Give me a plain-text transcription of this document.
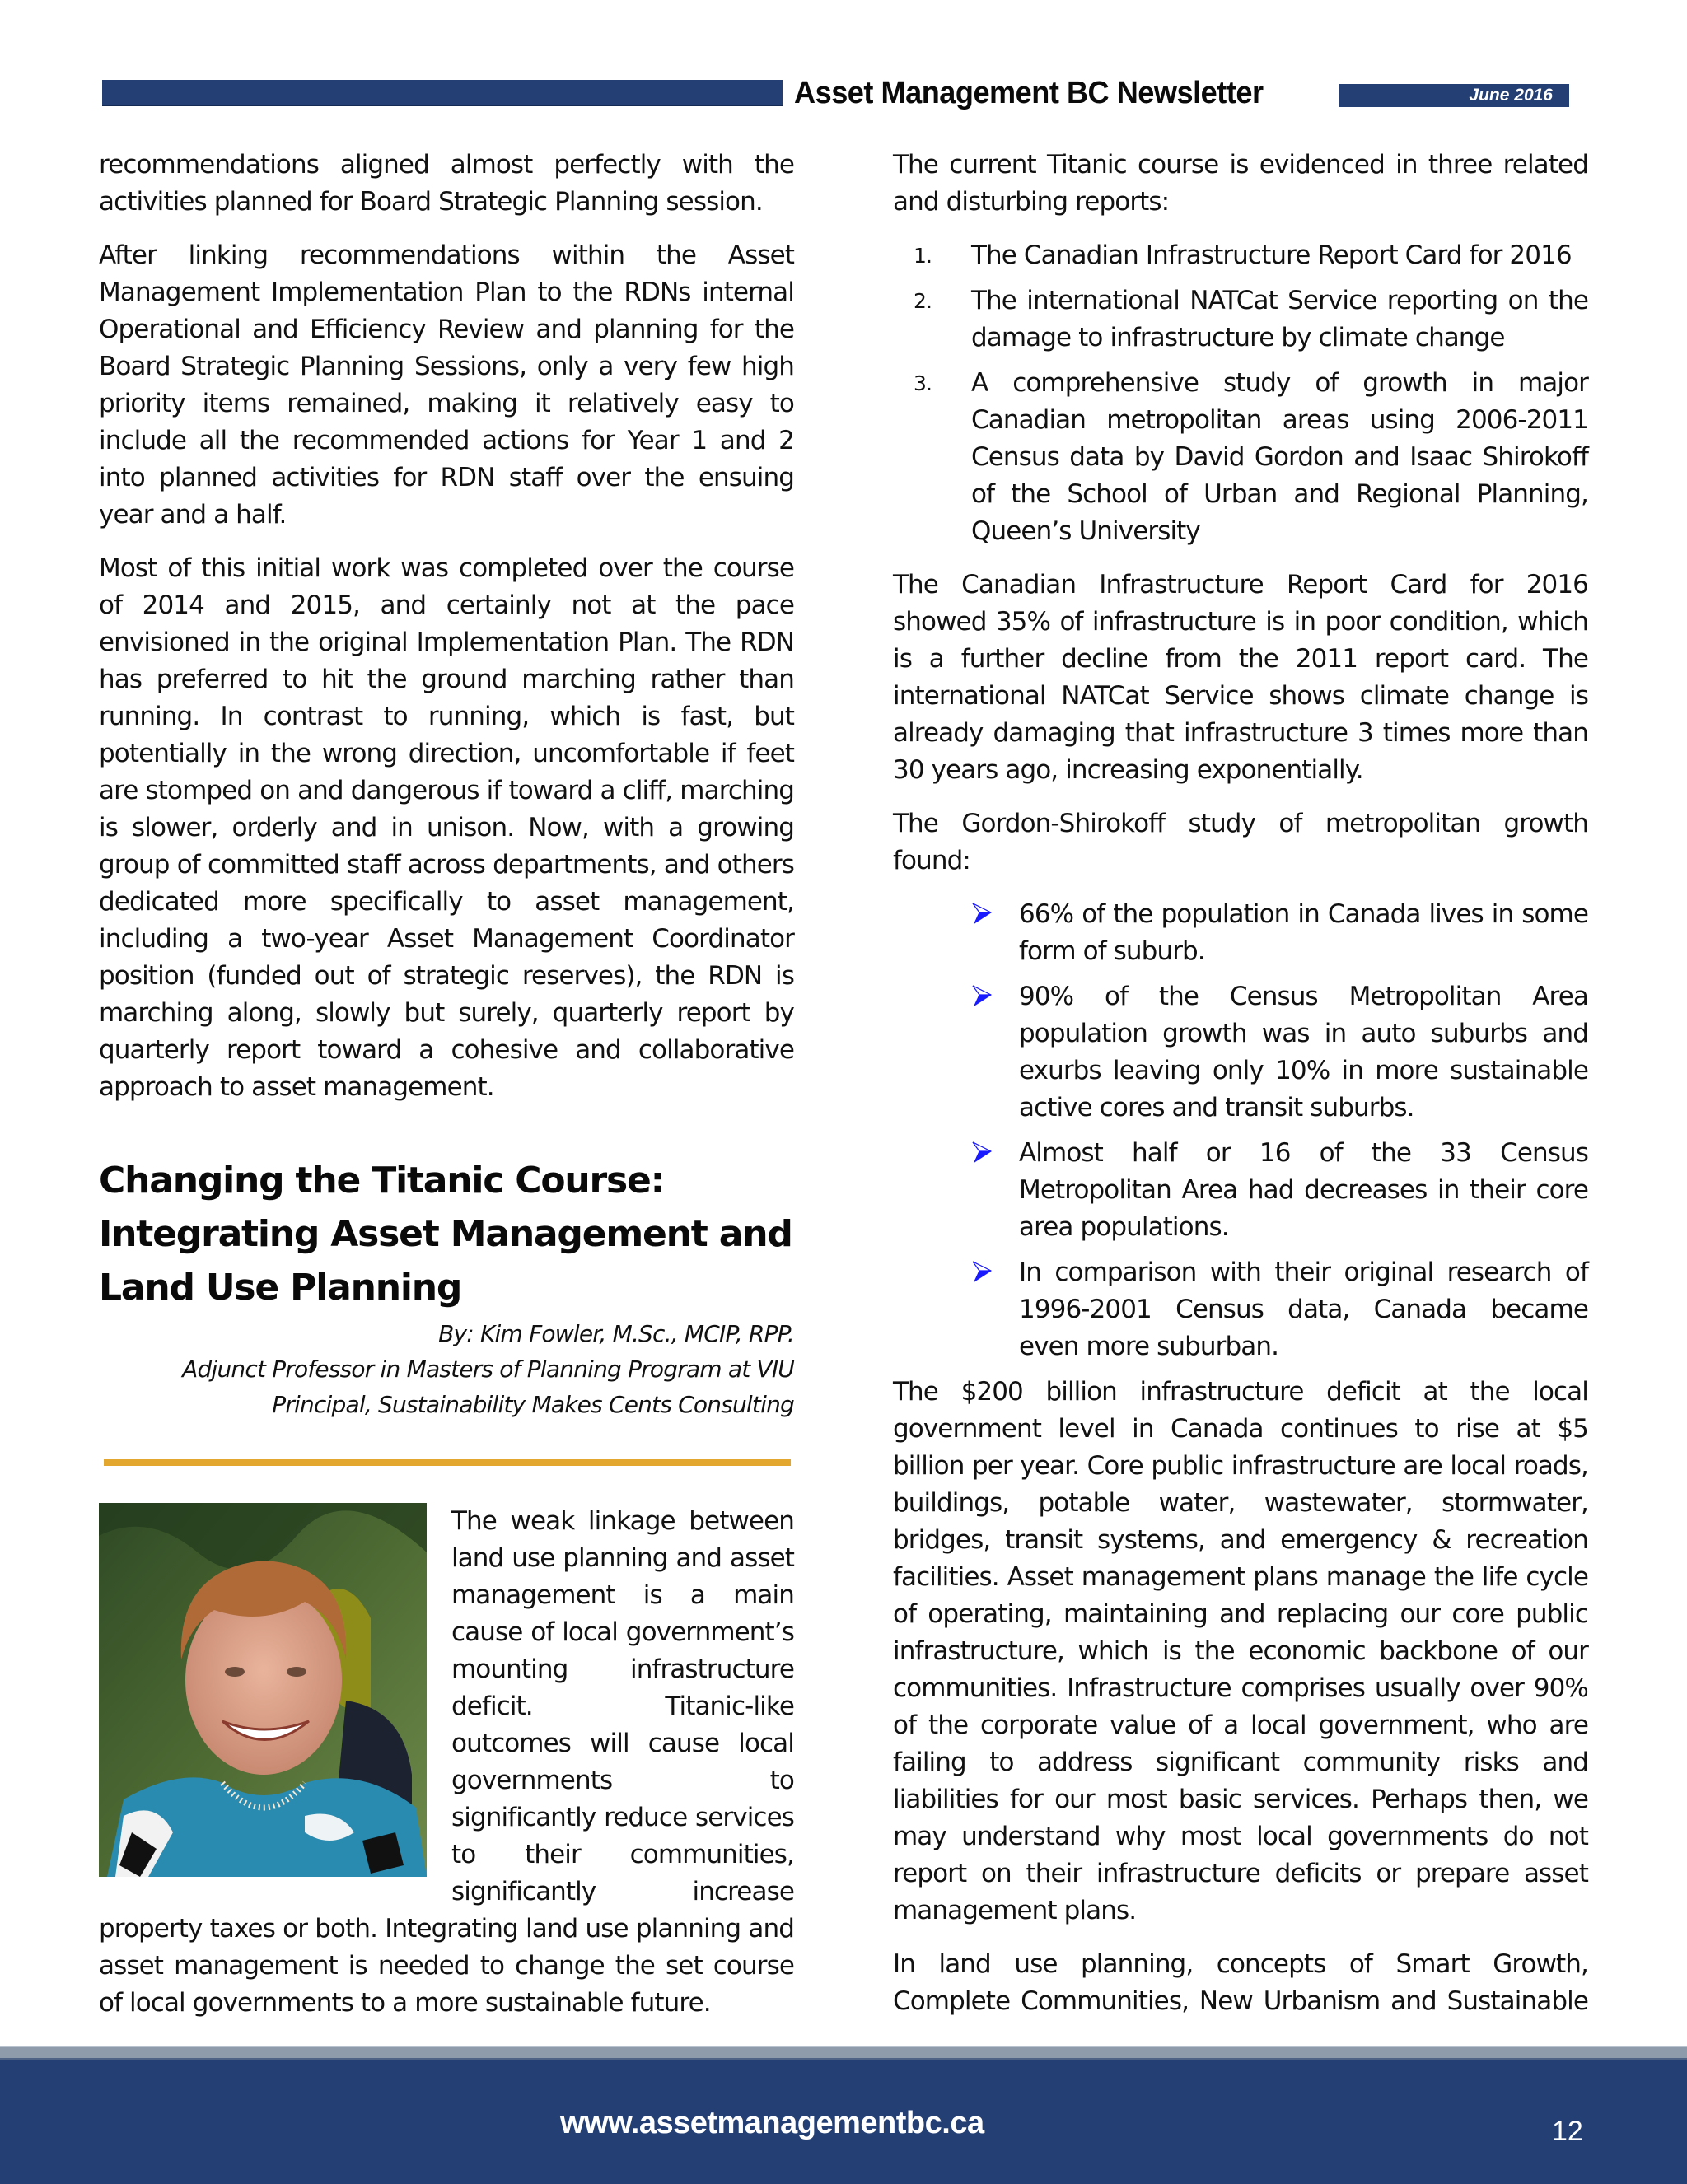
Asset Management BC Newsletter	June 2016

recommendations aligned almost perfectly with the activities planned for Board Strategic Planning session.

After linking recommendations within the Asset Management Implementation Plan to the RDNs internal Operational and Efficiency Review and planning for the Board Strategic Planning Sessions, only a very few high priority items remained, making it relatively easy to include all the recommended actions for Year 1 and 2 into planned activities for RDN staff over the ensuing year and a half.

Most of this initial work was completed over the course of 2014 and 2015, and certainly not at the pace envisioned in the original Implementation Plan. The RDN has preferred to hit the ground marching rather than running. In contrast to running, which is fast, but potentially in the wrong direction, uncomfortable if feet are stomped on and dangerous if toward a cliff, marching is slower, orderly and in unison. Now, with a growing group of committed staff across departments, and others dedicated more specifically to asset management, including a two-year Asset Management Coordinator position (funded out of strategic reserves), the RDN is marching along, slowly but surely, quarterly report by quarterly report toward a cohesive and collaborative approach to asset management.

Changing the Titanic Course: Integrating Asset Management and Land Use Planning
By: Kim Fowler, M.Sc., MCIP, RPP.
Adjunct Professor in Masters of Planning Program at VIU
Principal, Sustainability Makes Cents Consulting

The weak linkage between land use planning and asset management is a main cause of local government’s mounting infrastructure deficit. Titanic-like outcomes will cause local governments to significantly reduce services to their communities, significantly increase property taxes or both. Integrating land use planning and asset management is needed to change the set course of local governments to a more sustainable future.

The current Titanic course is evidenced in three related and disturbing reports:

1. The Canadian Infrastructure Report Card for 2016
2. The international NATCat Service reporting on the damage to infrastructure by climate change
3. A comprehensive study of growth in major Canadian metropolitan areas using 2006-2011 Census data by David Gordon and Isaac Shirokoff of the School of Urban and Regional Planning, Queen’s University

The Canadian Infrastructure Report Card for 2016 showed 35% of infrastructure is in poor condition, which is a further decline from the 2011 report card. The international NATCat Service shows climate change is already damaging that infrastructure 3 times more than 30 years ago, increasing exponentially.

The Gordon-Shirokoff study of metropolitan growth found:

66% of the population in Canada lives in some form of suburb.
90% of the Census Metropolitan Area population growth was in auto suburbs and exurbs leaving only 10% in more sustainable active cores and transit suburbs.
Almost half or 16 of the 33 Census Metropolitan Area had decreases in their core area populations.
In comparison with their original research of 1996-2001 Census data, Canada became even more suburban.

The $200 billion infrastructure deficit at the local government level in Canada continues to rise at $5 billion per year. Core public infrastructure are local roads, buildings, potable water, wastewater, stormwater, bridges, transit systems, and emergency & recreation facilities. Asset management plans manage the life cycle of operating, maintaining and replacing our core public infrastructure, which is the economic backbone of our communities. Infrastructure comprises usually over 90% of the corporate value of a local government, who are failing to address significant community risks and liabilities for our most basic services. Perhaps then, we may understand why most local governments do not report on their infrastructure deficits or prepare asset management plans.

In land use planning, concepts of Smart Growth, Complete Communities, New Urbanism and Sustainable

www.assetmanagementbc.ca	12
